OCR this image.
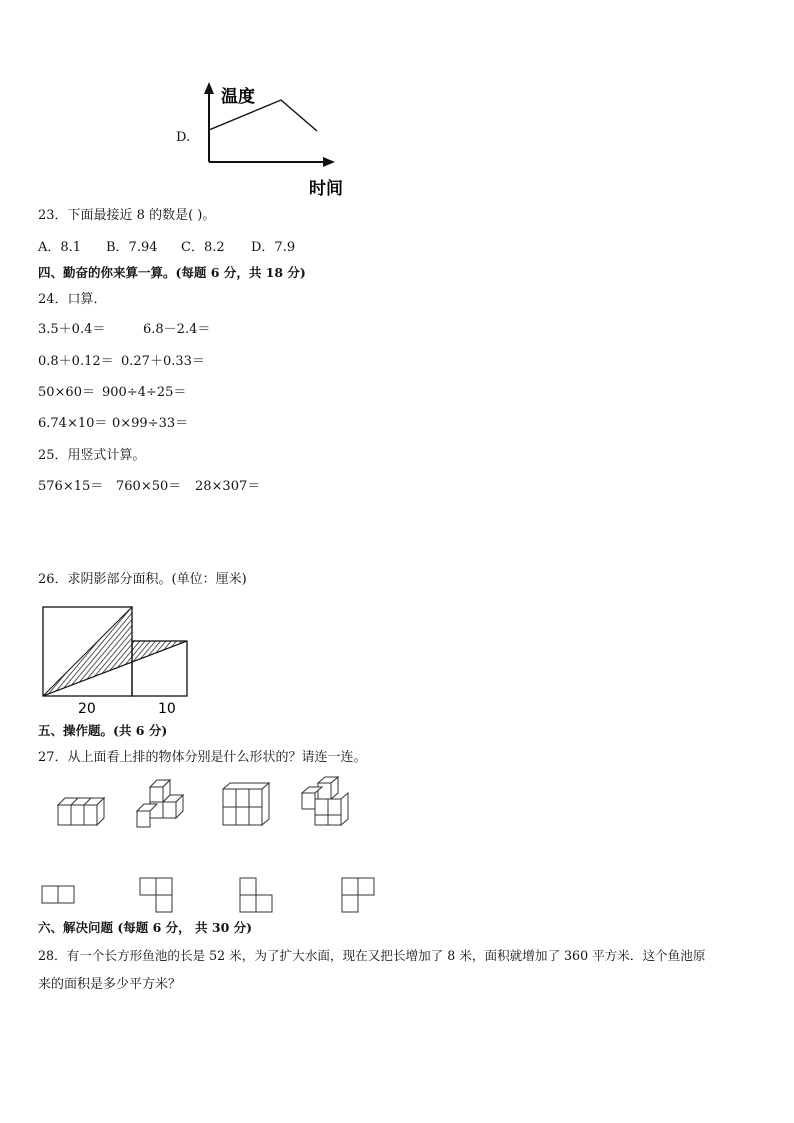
D.
温度
时间
23．下面最接近 8 的数是( )。
A．8.1 B．7.94 C．8.2 D．7.9
四、勤奋的你来算一算。(每题 6 分，共 18 分)
24．口算．
3.5＋0.4＝	6.8－2.4＝
0.8＋0.12＝ 0.27＋0.33＝
50×60＝ 900÷4÷25＝
6.74×10＝ 0×99÷33＝
25．用竖式计算。
576×15＝ 760×50＝ 28×307＝
26．求阴影部分面积。(单位：厘米)
20	10
五、操作题。(共 6 分)
27．从上面看上排的物体分别是什么形状的？请连一连。
六、解决问题 (每题 6 分， 共 30 分)
28．有一个长方形鱼池的长是 52 米，为了扩大水面，现在又把长增加了 8 米，面积就增加了 360 平方米．这个鱼池原
来的面积是多少平方米？
